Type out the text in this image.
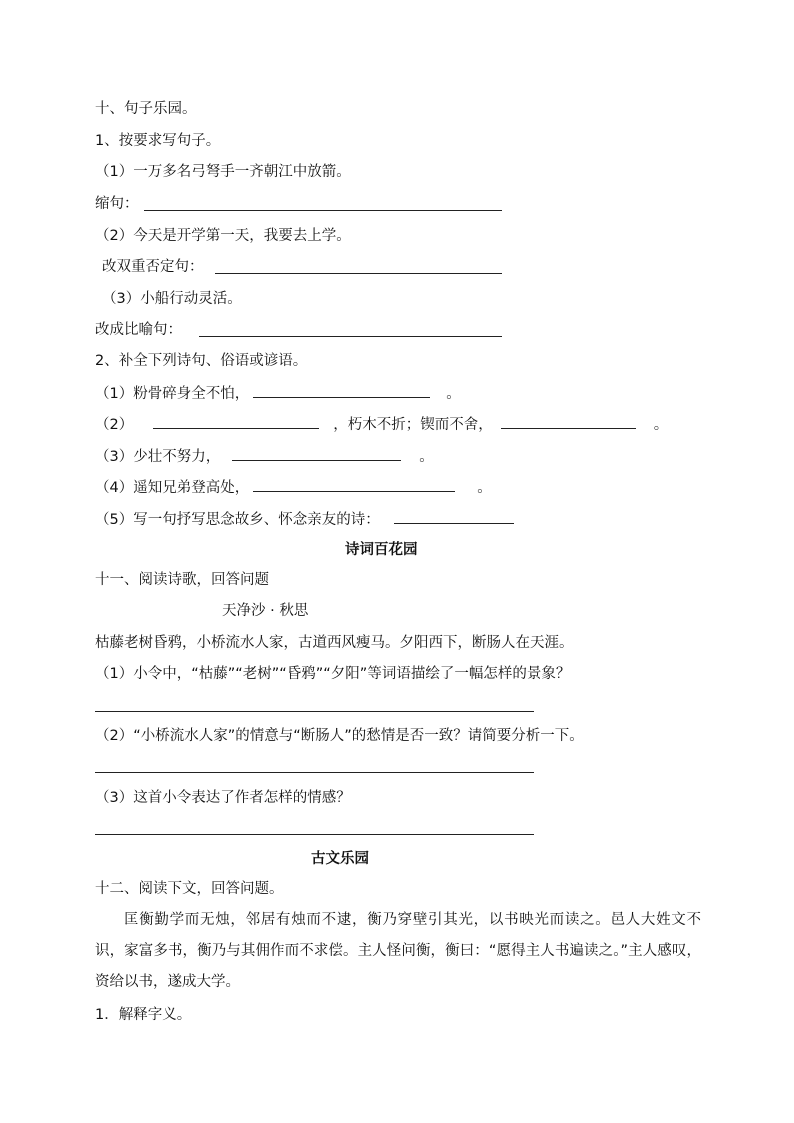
十、句子乐园。
1、按要求写句子。
（1）一万多名弓弩手一齐朝江中放箭。
缩句：
（2）今天是开学第一天，我要去上学。
改双重否定句：
（3）小船行动灵活。
改成比喻句：
2、补全下列诗句、俗语或谚语。
（1）粉骨碎身全不怕，	。
（2）	，朽木不折；锲而不舍，	。
（3）少壮不努力，	。
（4）遥知兄弟登高处，	。
（5）写一句抒写思念故乡、怀念亲友的诗：
诗词百花园
十一、阅读诗歌，回答问题
天净沙 · 秋思
枯藤老树昏鸦，小桥流水人家，古道西风瘦马。夕阳西下，断肠人在天涯。
（1）小令中，“枯藤”“老树”“昏鸦”“夕阳”等词语描绘了一幅怎样的景象？
（2）“小桥流水人家”的情意与“断肠人”的愁情是否一致？请简要分析一下。
（3）这首小令表达了作者怎样的情感？
古文乐园
十二、阅读下文，回答问题。
匡衡勤学而无烛，邻居有烛而不逮，衡乃穿壁引其光，以书映光而读之。邑人大姓文不识，家富多书，衡乃与其佣作而不求偿。主人怪问衡，衡曰：“愿得主人书遍读之。”主人感叹，资给以书，遂成大学。
1．解释字义。
